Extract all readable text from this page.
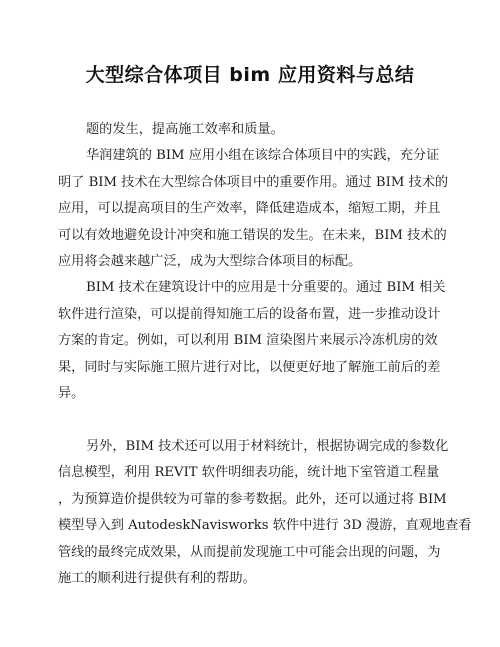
大型综合体项目 bim 应用资料与总结
题的发生，提高施工效率和质量。
华润建筑的 BIM 应用小组在该综合体项目中的实践，充分证
明了 BIM 技术在大型综合体项目中的重要作用。通过 BIM 技术的
应用，可以提高项目的生产效率，降低建造成本，缩短工期，并且
可以有效地避免设计冲突和施工错误的发生。在未来，BIM 技术的
应用将会越来越广泛，成为大型综合体项目的标配。
BIM 技术在建筑设计中的应用是十分重要的。通过 BIM 相关
软件进行渲染，可以提前得知施工后的设备布置，进一步推动设计
方案的肯定。例如，可以利用 BIM 渲染图片来展示冷冻机房的效
果，同时与实际施工照片进行对比，以便更好地了解施工前后的差
异。
另外，BIM 技术还可以用于材料统计，根据协调完成的参数化
信息模型，利用 REVIT 软件明细表功能，统计地下室管道工程量
，为预算造价提供较为可靠的参考数据。此外，还可以通过将 BIM
模型导入到 AutodeskNavisworks 软件中进行 3D 漫游，直观地查看
管线的最终完成效果，从而提前发现施工中可能会出现的问题，为
施工的顺利进行提供有利的帮助。
